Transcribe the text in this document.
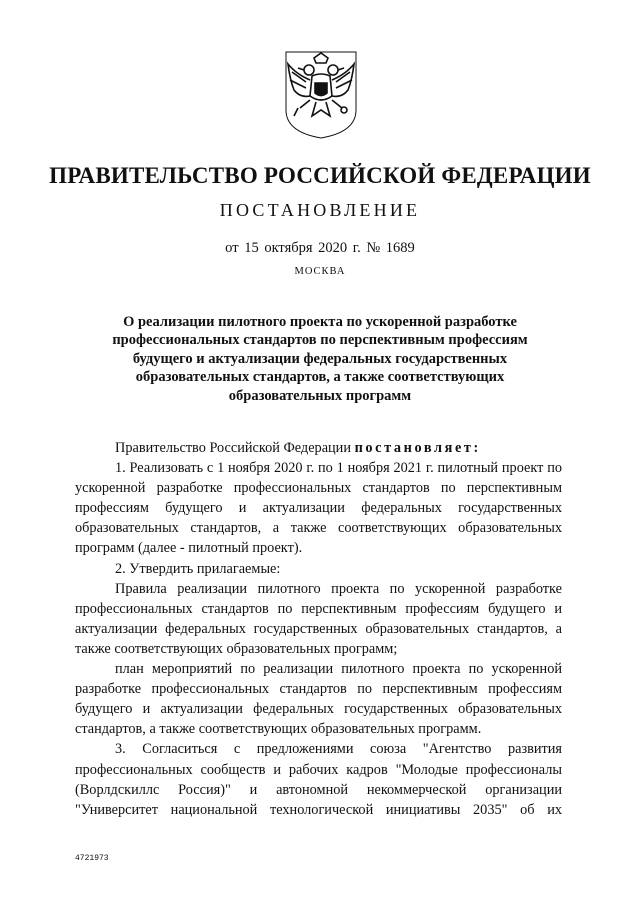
ПРАВИТЕЛЬСТВО РОССИЙСКОЙ ФЕДЕРАЦИИ
ПОСТАНОВЛЕНИЕ
от 15 октября 2020 г. № 1689
МОСКВА
О реализации пилотного проекта по ускоренной разработке профессиональных стандартов по перспективным профессиям будущего и актуализации федеральных государственных образовательных стандартов, а также соответствующих образовательных программ

Правительство Российской Федерации постановляет:

1. Реализовать с 1 ноября 2020 г. по 1 ноября 2021 г. пилотный проект по ускоренной разработке профессиональных стандартов по перспективным профессиям будущего и актуализации федеральных государственных образовательных стандартов, а также соответствующих образовательных программ (далее - пилотный проект).

2. Утвердить прилагаемые:

Правила реализации пилотного проекта по ускоренной разработке профессиональных стандартов по перспективным профессиям будущего и актуализации федеральных государственных образовательных стандартов, а также соответствующих образовательных программ;

план мероприятий по реализации пилотного проекта по ускоренной разработке профессиональных стандартов по перспективным профессиям будущего и актуализации федеральных государственных образовательных стандартов, а также соответствующих образовательных программ.

3. Согласиться с предложениями союза "Агентство развития профессиональных сообществ и рабочих кадров "Молодые профессионалы (Ворлдскиллс Россия)" и автономной некоммерческой организации "Университет национальной технологической инициативы 2035" об их

4721973
